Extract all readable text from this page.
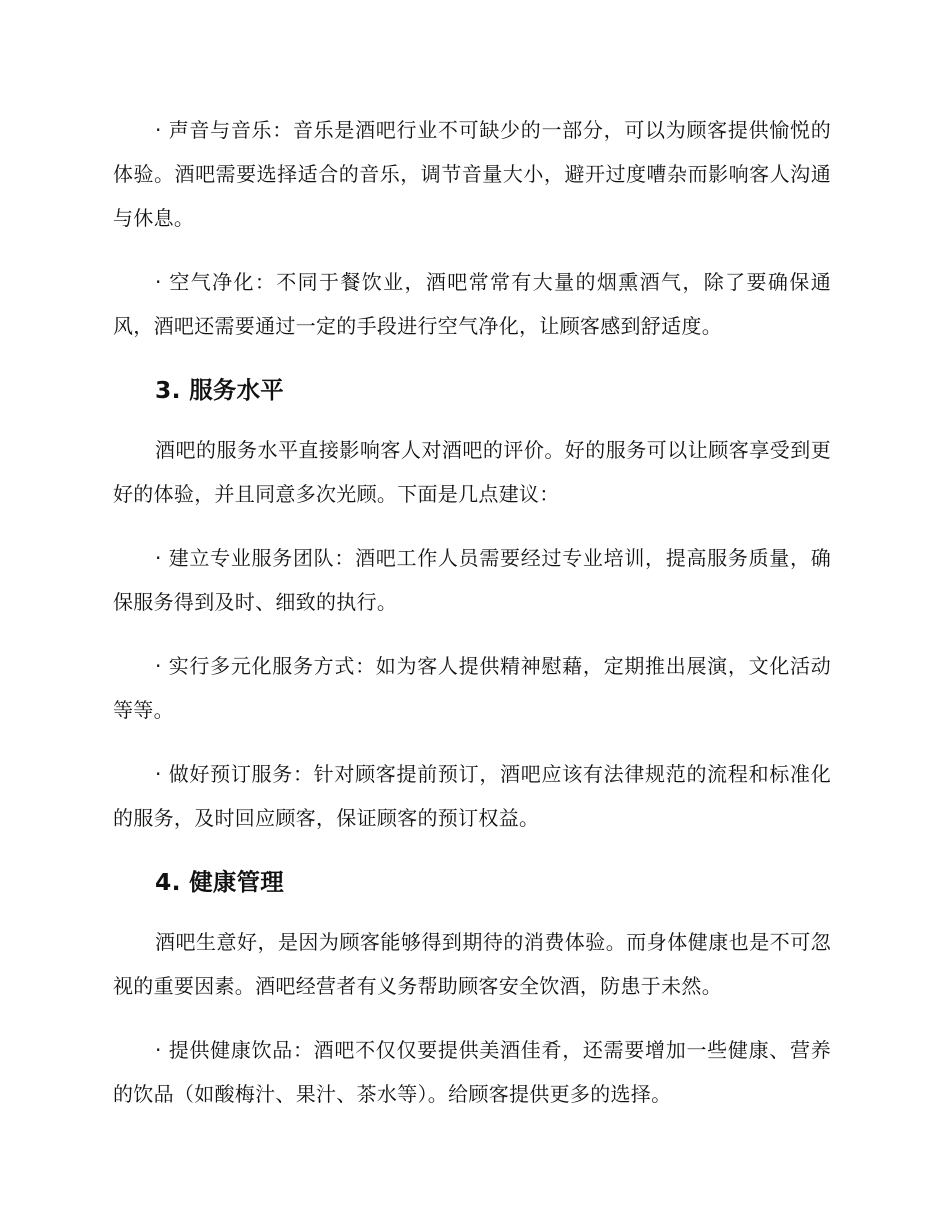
· 声音与音乐：音乐是酒吧行业不可缺少的一部分，可以为顾客提供愉悦的体验。酒吧需要选择适合的音乐，调节音量大小，避开过度嘈杂而影响客人沟通与休息。

· 空气净化：不同于餐饮业，酒吧常常有大量的烟熏酒气，除了要确保通风，酒吧还需要通过一定的手段进行空气净化，让顾客感到舒适度。

3. 服务水平

酒吧的服务水平直接影响客人对酒吧的评价。好的服务可以让顾客享受到更好的体验，并且同意多次光顾。下面是几点建议：

· 建立专业服务团队：酒吧工作人员需要经过专业培训，提高服务质量，确保服务得到及时、细致的执行。

· 实行多元化服务方式：如为客人提供精神慰藉，定期推出展演，文化活动等等。

· 做好预订服务：针对顾客提前预订，酒吧应该有法律规范的流程和标准化的服务，及时回应顾客，保证顾客的预订权益。

4. 健康管理

酒吧生意好，是因为顾客能够得到期待的消费体验。而身体健康也是不可忽视的重要因素。酒吧经营者有义务帮助顾客安全饮酒，防患于未然。

· 提供健康饮品：酒吧不仅仅要提供美酒佳肴，还需要增加一些健康、营养的饮品（如酸梅汁、果汁、茶水等）。给顾客提供更多的选择。
